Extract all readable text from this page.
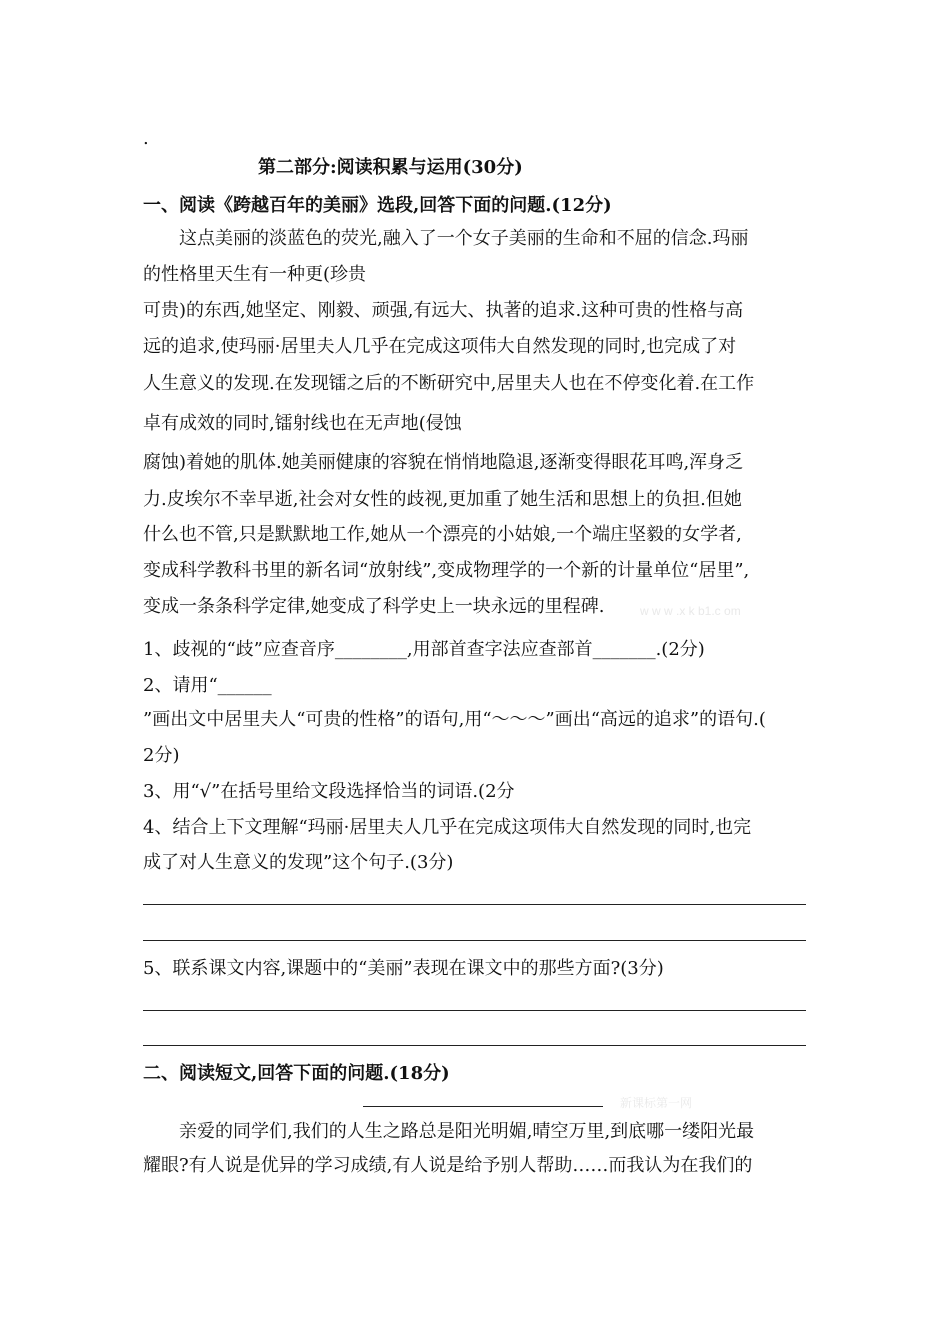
.
第二部分:阅读积累与运用(30分)
一、阅读《跨越百年的美丽》选段,回答下面的问题.(12分)
这点美丽的淡蓝色的荧光,融入了一个女子美丽的生命和不屈的信念.玛丽
的性格里天生有一种更(珍贵
可贵)的东西,她坚定、刚毅、顽强,有远大、执著的追求.这种可贵的性格与高
远的追求,使玛丽·居里夫人几乎在完成这项伟大自然发现的同时,也完成了对
人生意义的发现.在发现镭之后的不断研究中,居里夫人也在不停变化着.在工作
卓有成效的同时,镭射线也在无声地(侵蚀
腐蚀)着她的肌体.她美丽健康的容貌在悄悄地隐退,逐渐变得眼花耳鸣,浑身乏
力.皮埃尔不幸早逝,社会对女性的歧视,更加重了她生活和思想上的负担.但她
什么也不管,只是默默地工作,她从一个漂亮的小姑娘,一个端庄坚毅的女学者,
变成科学教科书里的新名词“放射线”,变成物理学的一个新的计量单位“居里”,
变成一条条科学定律,她变成了科学史上一块永远的里程碑.	w w w .x k b1.c om
1、歧视的“歧”应查音序________,用部首查字法应查部首_______.(2分)
2、请用“______
”画出文中居里夫人“可贵的性格”的语句,用“～～～”画出“高远的追求”的语句.(
2分)
3、用“√”在括号里给文段选择恰当的词语.(2分
4、结合上下文理解“玛丽·居里夫人几乎在完成这项伟大自然发现的同时,也完
成了对人生意义的发现”这个句子.(3分)
5、联系课文内容,课题中的“美丽”表现在课文中的那些方面?(3分)
二、阅读短文,回答下面的问题.(18分)
新课标第一网
亲爱的同学们,我们的人生之路总是阳光明媚,晴空万里,到底哪一缕阳光最
耀眼?有人说是优异的学习成绩,有人说是给予别人帮助……而我认为在我们的
